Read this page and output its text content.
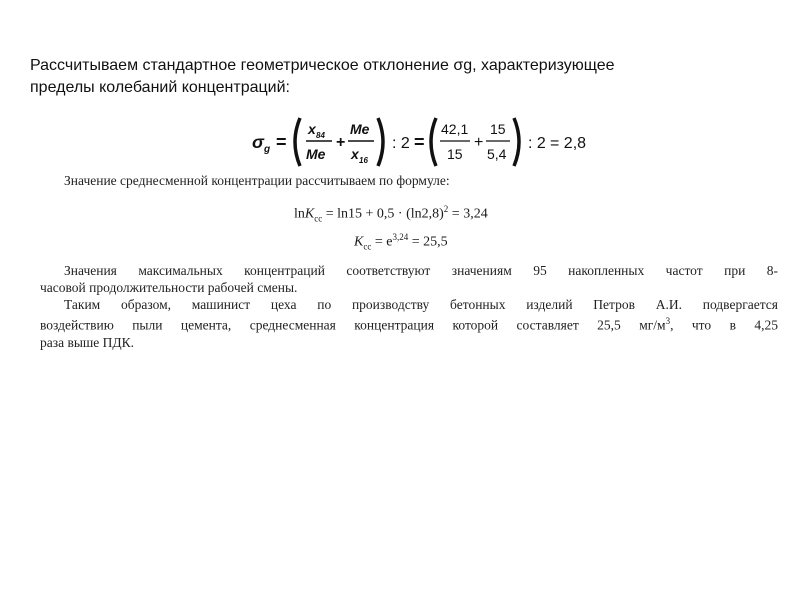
Рассчитываем стандартное геометрическое отклонение σg, характеризующее

пределы колебаний концентраций:

σ g =
x 84
Me
+
Me
x 16
: 2 =
42,1
15
+
15
5,4
: 2 = 2,8

Значение среднесменной концентрации рассчитываем по формуле:

$\ln K_{cc} = \ln 15 + 0,5 \cdot (\ln 2,8)^2 = 3,24$
$K_{cc} = e^{3,24} = 25,5$

Значения максимальных концентраций соответствуют значениям 95 накопленных частот при 8-

часовой продолжительности рабочей смены.

Таким образом, машинист цеха по производству бетонных изделий Петров А.И. подвергается

воздействию пыли цемента, среднесменная концентрация которой составляет 25,5 $мг/м^3$, что в 4,25

раза выше ПДК.
